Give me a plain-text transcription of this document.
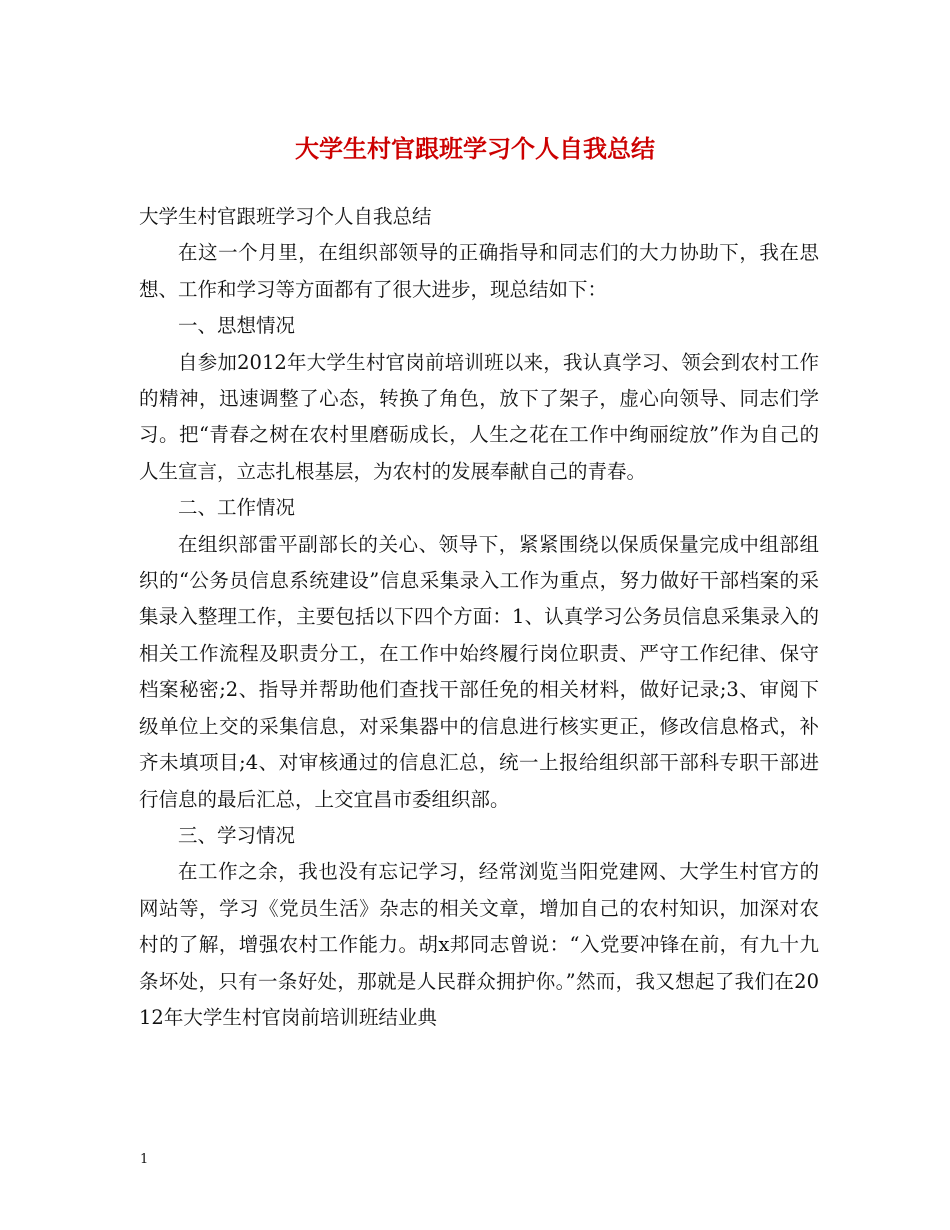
大学生村官跟班学习个人自我总结

大学生村官跟班学习个人自我总结

在这一个月里，在组织部领导的正确指导和同志们的大力协助下，我在思想、工作和学习等方面都有了很大进步，现总结如下：

一、思想情况

自参加2012年大学生村官岗前培训班以来，我认真学习、领会到农村工作的精神，迅速调整了心态，转换了角色，放下了架子，虚心向领导、同志们学习。把“青春之树在农村里磨砺成长，人生之花在工作中绚丽绽放”作为自己的人生宣言，立志扎根基层，为农村的发展奉献自己的青春。

二、工作情况

在组织部雷平副部长的关心、领导下，紧紧围绕以保质保量完成中组部组织的“公务员信息系统建设”信息采集录入工作为重点，努力做好干部档案的采集录入整理工作，主要包括以下四个方面：1、认真学习公务员信息采集录入的相关工作流程及职责分工，在工作中始终履行岗位职责、严守工作纪律、保守档案秘密;2、指导并帮助他们查找干部任免的相关材料，做好记录;3、审阅下级单位上交的采集信息，对采集器中的信息进行核实更正，修改信息格式，补齐未填项目;4、对审核通过的信息汇总，统一上报给组织部干部科专职干部进行信息的最后汇总，上交宜昌市委组织部。

三、学习情况

在工作之余，我也没有忘记学习，经常浏览当阳党建网、大学生村官方的网站等，学习《党员生活》杂志的相关文章，增加自己的农村知识，加深对农村的了解，增强农村工作能力。胡x邦同志曾说：“入党要冲锋在前，有九十九条坏处，只有一条好处，那就是人民群众拥护你。”然而，我又想起了我们在2012年大学生村官岗前培训班结业典

1
